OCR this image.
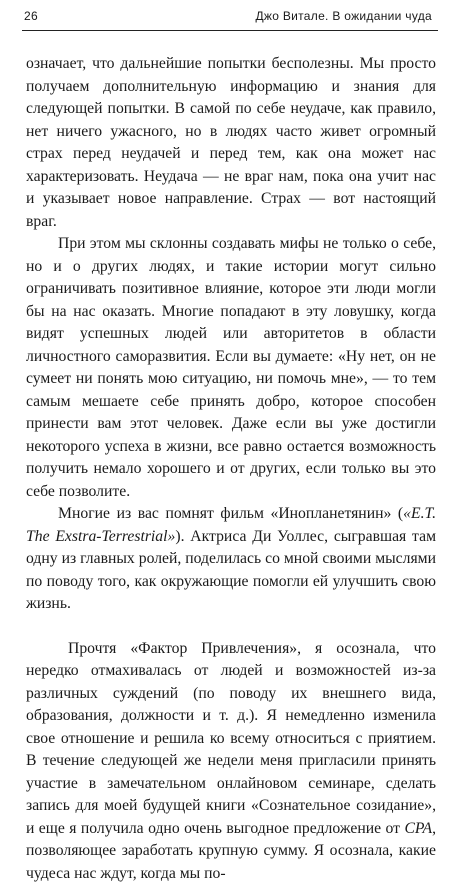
26	Джо Витале. В ожидании чуда

означает, что дальнейшие попытки бесполезны. Мы просто получаем дополнительную информацию и знания для следующей попытки. В самой по себе неудаче, как правило, нет ничего ужасного, но в людях часто живет огромный страх перед неудачей и перед тем, как она может нас характеризовать. Неудача — не враг нам, пока она учит нас и указывает новое направление. Страх — вот настоящий враг.

При этом мы склонны создавать мифы не только о себе, но и о других людях, и такие истории могут сильно ограничивать позитивное влияние, которое эти люди могли бы на нас оказать. Многие попадают в эту ловушку, когда видят успешных людей или авторитетов в области личностного саморазвития. Если вы думаете: «Ну нет, он не сумеет ни понять мою ситуацию, ни помочь мне», — то тем самым мешаете себе принять добро, которое способен принести вам этот человек. Даже если вы уже достигли некоторого успеха в жизни, все равно остается возможность получить немало хорошего и от других, если только вы это себе позволите.

Многие из вас помнят фильм «Инопланетянин» («E.T. The Exstra-Terrestrial»). Актриса Ди Уоллес, сыгравшая там одну из главных ролей, поделилась со мной своими мыслями по поводу того, как окружающие помогли ей улучшить свою жизнь.

Прочтя «Фактор Привлечения», я осознала, что нередко отмахивалась от людей и возможностей из-за различных суждений (по поводу их внешнего вида, образования, должности и т. д.). Я немедленно изменила свое отношение и решила ко всему относиться с приятием. В течение следующей же недели меня пригласили принять участие в замечательном онлайновом семинаре, сделать запись для моей будущей книги «Сознательное созидание», и еще я получила одно очень выгодное предложение от CPA, позволяющее заработать крупную сумму. Я осознала, какие чудеса нас ждут, когда мы по-
